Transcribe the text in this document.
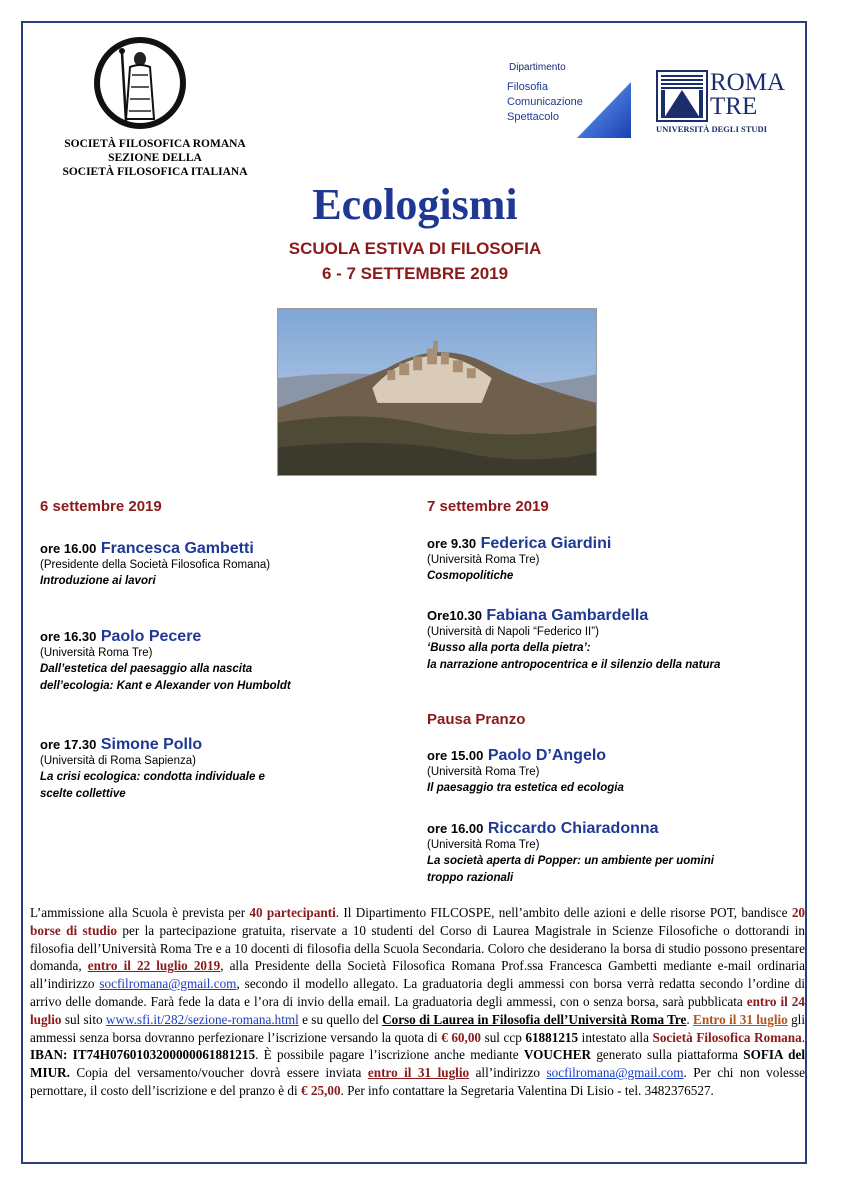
SOCIETÀ FILOSOFICA ROMANA
SEZIONE DELLA
SOCIETÀ FILOSOFICA ITALIANA
Dipartimento
Filosofia
Comunicazione
Spettacolo
ROMA
TRE
UNIVERSITÀ DEGLI STUDI
Ecologismi
SCUOLA ESTIVA DI FILOSOFIA
6 - 7 SETTEMBRE 2019
6 settembre 2019
ore 16.00 Francesca Gambetti
(Presidente della Società Filosofica Romana)
Introduzione ai lavori
ore 16.30 Paolo Pecere
(Università Roma Tre)
Dall’estetica del paesaggio alla nascita
dell’ecologia: Kant e Alexander von Humboldt
ore 17.30 Simone Pollo
(Università di Roma Sapienza)
La crisi ecologica: condotta individuale e
scelte collettive
7 settembre 2019
ore 9.30 Federica Giardini
(Università Roma Tre)
Cosmopolitiche
Ore10.30 Fabiana Gambardella
(Università di Napoli “Federico II”)
‘Busso alla porta della pietra’:
la narrazione antropocentrica e il silenzio della natura
Pausa Pranzo
ore 15.00 Paolo D’Angelo
(Università Roma Tre)
Il paesaggio tra estetica ed ecologia
ore 16.00 Riccardo Chiaradonna
(Università Roma Tre)
La società aperta di Popper: un ambiente per uomini
troppo razionali
L’ammissione alla Scuola è prevista per 40 partecipanti. Il Dipartimento FILCOSPE, nell’ambito delle azioni e delle risorse POT, bandisce 20 borse di studio per la partecipazione gratuita, riservate a 10 studenti del Corso di Laurea Magistrale in Scienze Filosofiche o dottorandi in filosofia dell’Università Roma Tre e a 10 docenti di filosofia della Scuola Secondaria. Coloro che desiderano la borsa di studio possono presentare domanda, entro il 22 luglio 2019, alla Presidente della Società Filosofica Romana Prof.ssa Francesca Gambetti mediante e-mail ordinaria all’indirizzo socfilromana@gmail.com, secondo il modello allegato. La graduatoria degli ammessi con borsa verrà redatta secondo l’ordine di arrivo delle domande. Farà fede la data e l’ora di invio della email. La graduatoria degli ammessi, con o senza borsa, sarà pubblicata entro il 24 luglio sul sito www.sfi.it/282/sezione-romana.html e su quello del Corso di Laurea in Filosofia dell’Università Roma Tre. Entro il 31 luglio gli ammessi senza borsa dovranno perfezionare l’iscrizione versando la quota di € 60,00 sul ccp 61881215 intestato alla Società Filosofica Romana. IBAN: IT74H0760103200000061881215. È possibile pagare l’iscrizione anche mediante VOUCHER generato sulla piattaforma SOFIA del MIUR. Copia del versamento/voucher dovrà essere inviata entro il 31 luglio all’indirizzo socfilromana@gmail.com. Per chi non volesse pernottare, il costo dell’iscrizione e del pranzo è di € 25,00. Per info contattare la Segretaria Valentina Di Lisio - tel. 3482376527.
